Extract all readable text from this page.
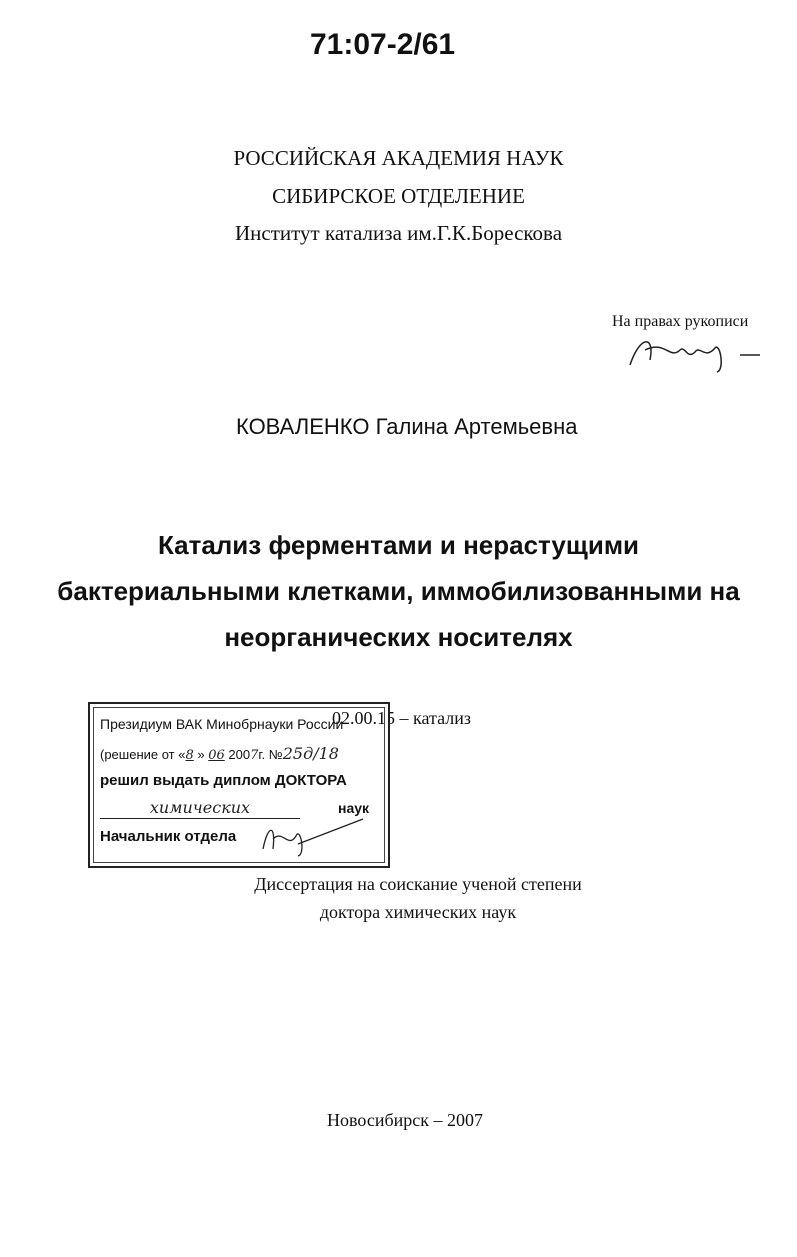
71:07-2/61
РОССИЙСКАЯ АКАДЕМИЯ НАУК
СИБИРСКОЕ ОТДЕЛЕНИЕ
Институт катализа им.Г.К.Борескова
На правах рукописи
КОВАЛЕНКО Галина Артемьевна
Катализ ферментами и нерастущими
бактериальными клетками, иммобилизованными на
неорганических носителях
02.00.15 – катализ
Президиум ВАК Минобрнауки России
(решение от «8 » 06 2007г. №25д/18
решил выдать диплом ДОКТОРА
химических	наук
Начальник отдела
Диссертация на соискание ученой степени
доктора химических наук
Новосибирск – 2007
